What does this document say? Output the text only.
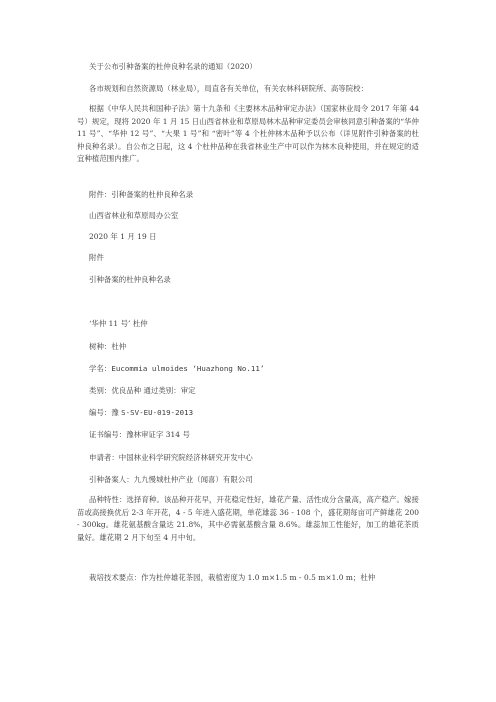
关于公布引种备案的杜仲良种名录的通知（2020）
各市规划和自然资源局（林业局），局直各有关单位，有关农林科研院所、高等院校：
根据《中华人民共和国种子法》第十九条和《主要林木品种审定办法》（国家林业局令 2017 年第 44 号）规定，现将 2020 年 1 月 15 日山西省林业和草原局林木品种审定委员会审核同意引种备案的“华仲 11 号”、“华仲 12 号”、“大果 1 号”和 “密叶”等 4 个杜仲林木品种予以公布（详见附件引种备案的杜仲良种名录）。自公布之日起，这 4 个杜仲品种在我省林业生产中可以作为林木良种使用，并在规定的适宜种植范围内推广。
附件：引种备案的杜仲良种名录
山西省林业和草原局办公室
2020 年 1 月 19 日
附件
引种备案的杜仲良种名录
‘华仲 11 号’ 杜仲
树种：杜仲
学名：Eucommia ulmoides ‘Huazhong No.11’
类别：优良品种 通过类别：审定
编号：豫 S-SV-EU-019-2013
证书编号：豫林审证字 314 号
申请者：中国林业科学研究院经济林研究开发中心
引种备案人：九九慢城杜仲产业（闻喜）有限公司
品种特性：选择育种。该品种开花早，开花稳定性好，雄花产量、活性成分含量高，高产稳产。嫁接苗或高接换优后 2-3 年开花，4 - 5 年进入盛花期，单花雄蕊 36 - 108 个，盛花期每亩可产鲜雄花 200 - 300kg。雄花氨基酸含量达 21.8%，其中必需氨基酸含量 8.6%。雄蕊加工性能好，加工的雄花茶质量好。雄花期 2 月下旬至 4 月中旬。
栽培技术要点：作为杜仲雄花茶园，栽植密度为 1.0 m×1.5 m - 0.5 m×1.0 m；杜仲
